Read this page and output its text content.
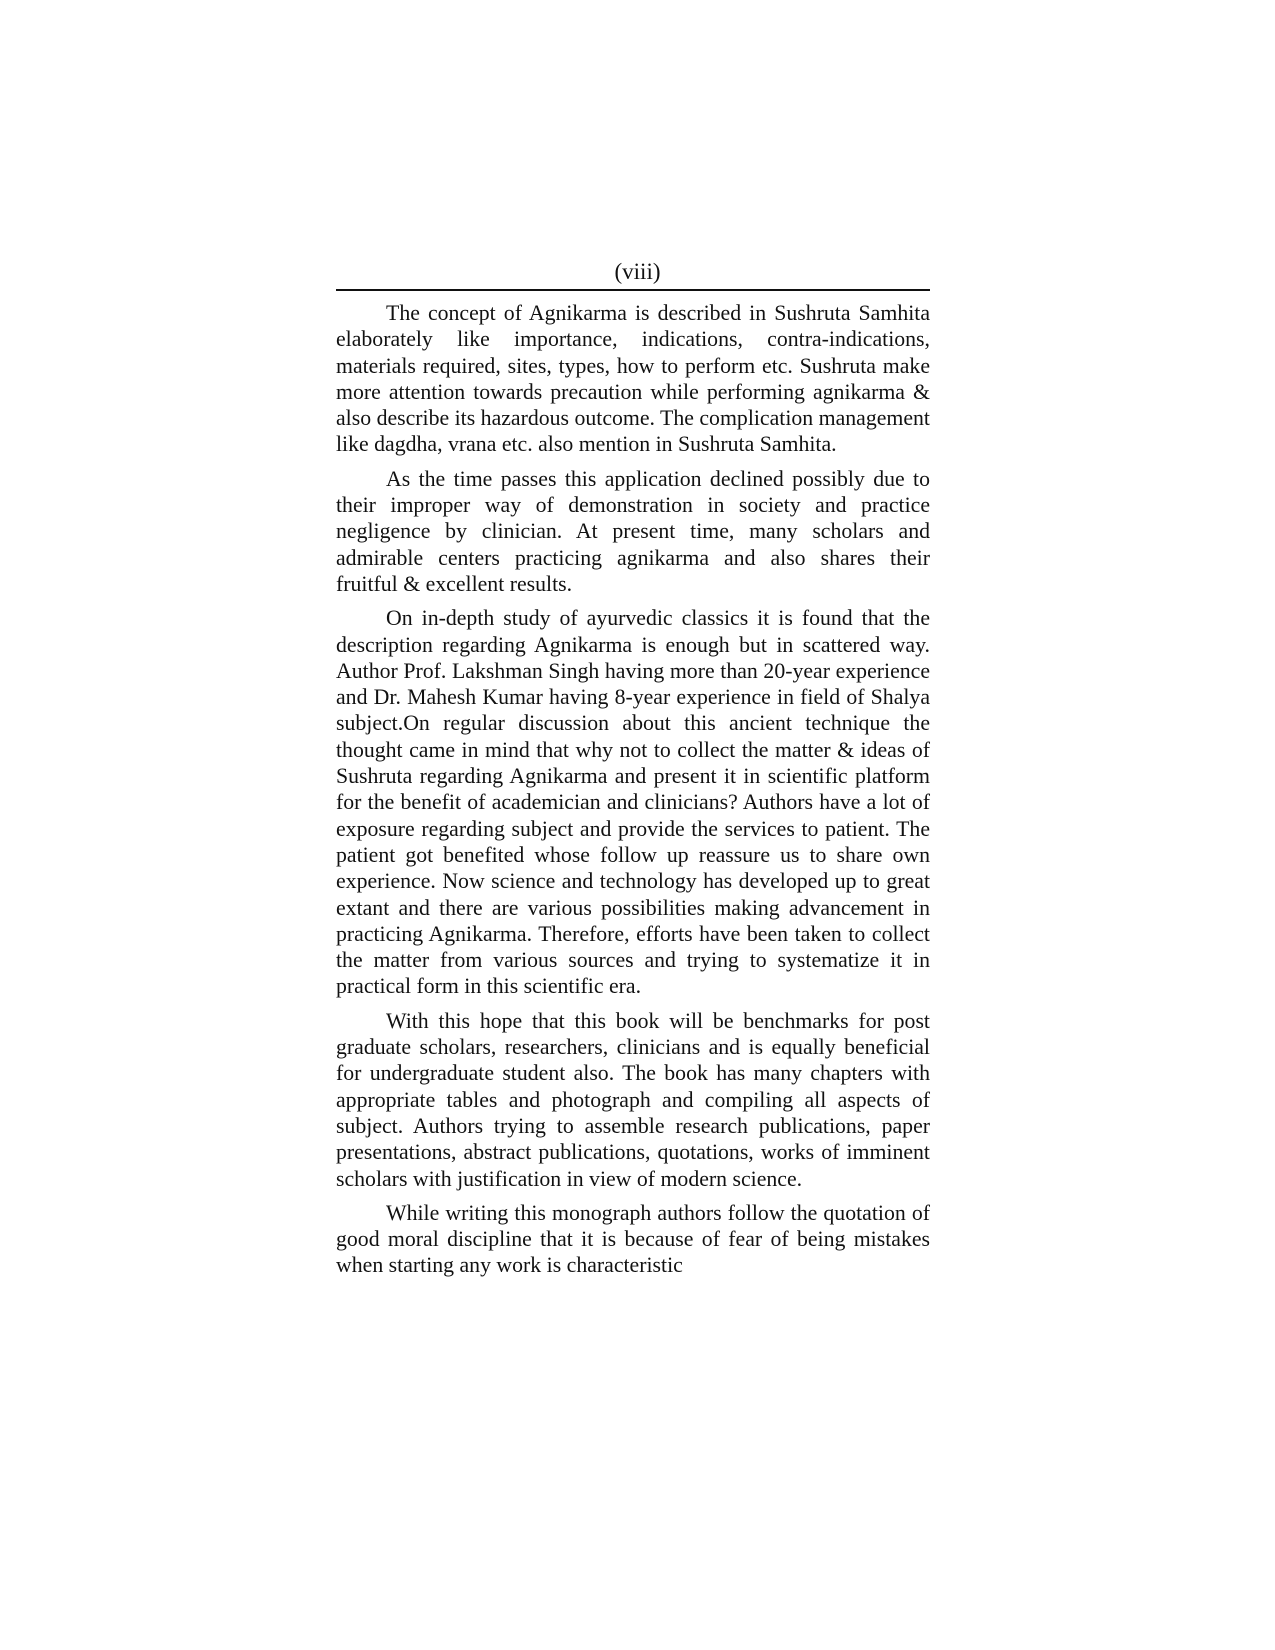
(viii)

The concept of Agnikarma is described in Sushruta Samhita elaborately like importance, indications, contra-indications, materials required, sites, types, how to perform etc. Sushruta make more attention towards precaution while performing agnikarma & also describe its hazardous outcome. The complication management like dagdha, vrana etc. also mention in Sushruta Samhita.

As the time passes this application declined possibly due to their improper way of demonstration in society and practice negligence by clinician. At present time, many scholars and admirable centers practicing agnikarma and also shares their fruitful & excellent results.

On in-depth study of ayurvedic classics it is found that the description regarding Agnikarma is enough but in scattered way. Author Prof. Lakshman Singh having more than 20-year experience and Dr. Mahesh Kumar having 8-year experience in field of Shalya subject.On regular discussion about this ancient technique the thought came in mind that why not to collect the matter & ideas of Sushruta regarding Agnikarma and present it in scientific platform for the benefit of academician and clinicians? Authors have a lot of exposure regarding subject and provide the services to patient. The patient got benefited whose follow up reassure us to share own experience. Now science and technology has developed up to great extant and there are various possibilities making advancement in practicing Agnikarma. Therefore, efforts have been taken to collect the matter from various sources and trying to systematize it in practical form in this scientific era.

With this hope that this book will be benchmarks for post graduate scholars, researchers, clinicians and is equally beneficial for undergraduate student also. The book has many chapters with appropriate tables and photograph and compiling all aspects of subject. Authors trying to assemble research publications, paper presentations, abstract publications, quotations, works of imminent scholars with justification in view of modern science.

While writing this monograph authors follow the quotation of good moral discipline that it is because of fear of being mistakes when starting any work is characteristic
